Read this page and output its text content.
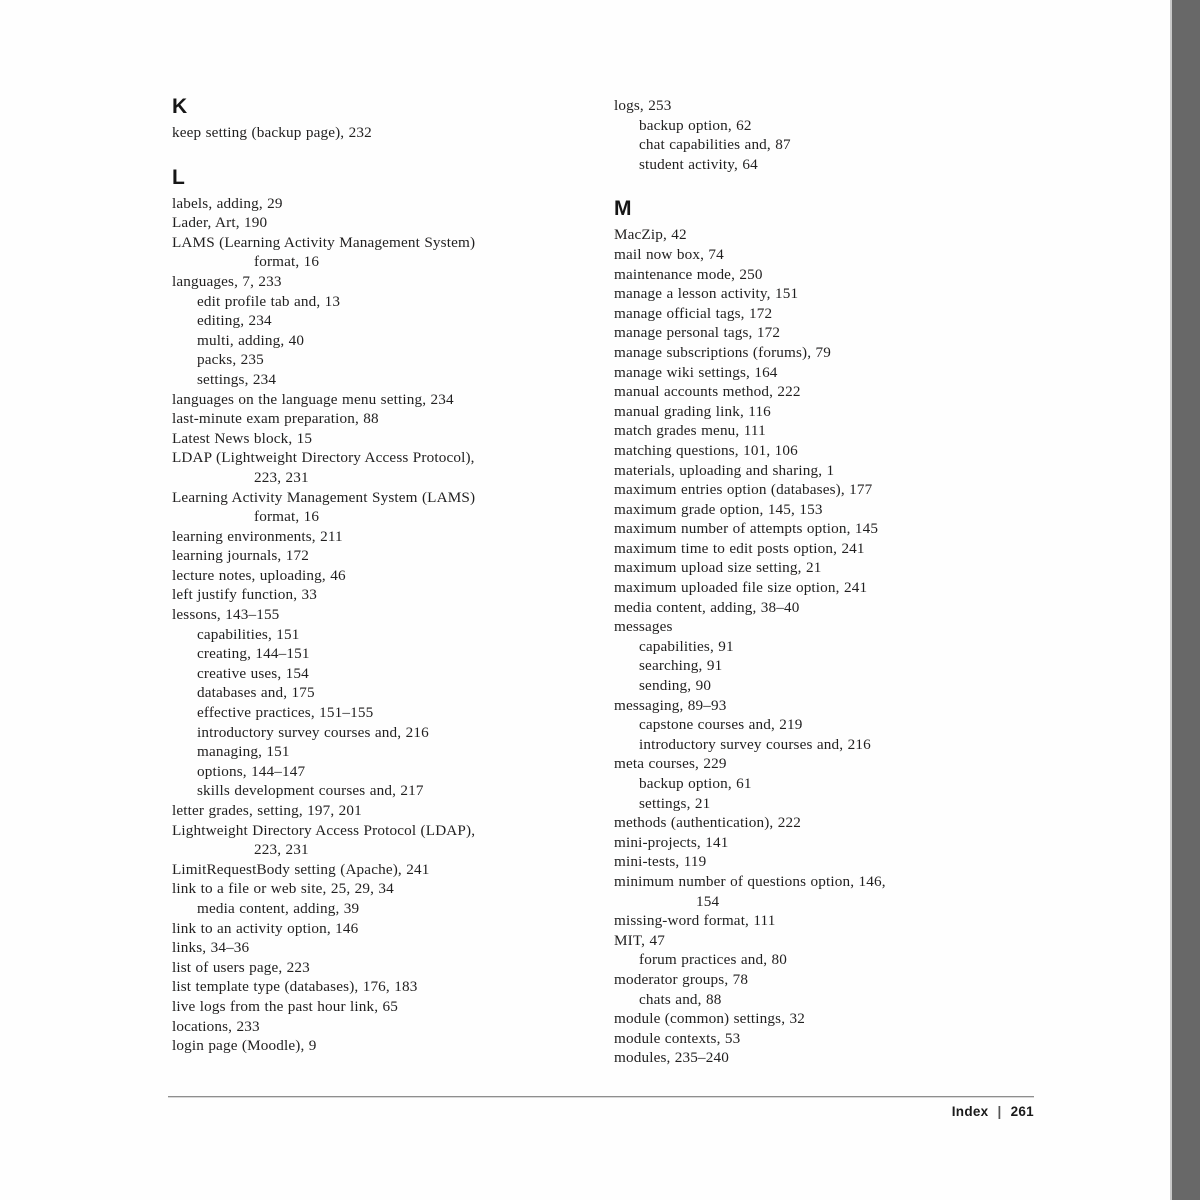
K
keep setting (backup page), 232
L
labels, adding, 29
Lader, Art, 190
LAMS (Learning Activity Management System)
format, 16
languages, 7, 233
edit profile tab and, 13
editing, 234
multi, adding, 40
packs, 235
settings, 234
languages on the language menu setting, 234
last-minute exam preparation, 88
Latest News block, 15
LDAP (Lightweight Directory Access Protocol),
223, 231
Learning Activity Management System (LAMS)
format, 16
learning environments, 211
learning journals, 172
lecture notes, uploading, 46
left justify function, 33
lessons, 143–155
capabilities, 151
creating, 144–151
creative uses, 154
databases and, 175
effective practices, 151–155
introductory survey courses and, 216
managing, 151
options, 144–147
skills development courses and, 217
letter grades, setting, 197, 201
Lightweight Directory Access Protocol (LDAP),
223, 231
LimitRequestBody setting (Apache), 241
link to a file or web site, 25, 29, 34
media content, adding, 39
link to an activity option, 146
links, 34–36
list of users page, 223
list template type (databases), 176, 183
live logs from the past hour link, 65
locations, 233
login page (Moodle), 9
logs, 253
backup option, 62
chat capabilities and, 87
student activity, 64
M
MacZip, 42
mail now box, 74
maintenance mode, 250
manage a lesson activity, 151
manage official tags, 172
manage personal tags, 172
manage subscriptions (forums), 79
manage wiki settings, 164
manual accounts method, 222
manual grading link, 116
match grades menu, 111
matching questions, 101, 106
materials, uploading and sharing, 1
maximum entries option (databases), 177
maximum grade option, 145, 153
maximum number of attempts option, 145
maximum time to edit posts option, 241
maximum upload size setting, 21
maximum uploaded file size option, 241
media content, adding, 38–40
messages
capabilities, 91
searching, 91
sending, 90
messaging, 89–93
capstone courses and, 219
introductory survey courses and, 216
meta courses, 229
backup option, 61
settings, 21
methods (authentication), 222
mini-projects, 141
mini-tests, 119
minimum number of questions option, 146,
154
missing-word format, 111
MIT, 47
forum practices and, 80
moderator groups, 78
chats and, 88
module (common) settings, 32
module contexts, 53
modules, 235–240
Index | 261
